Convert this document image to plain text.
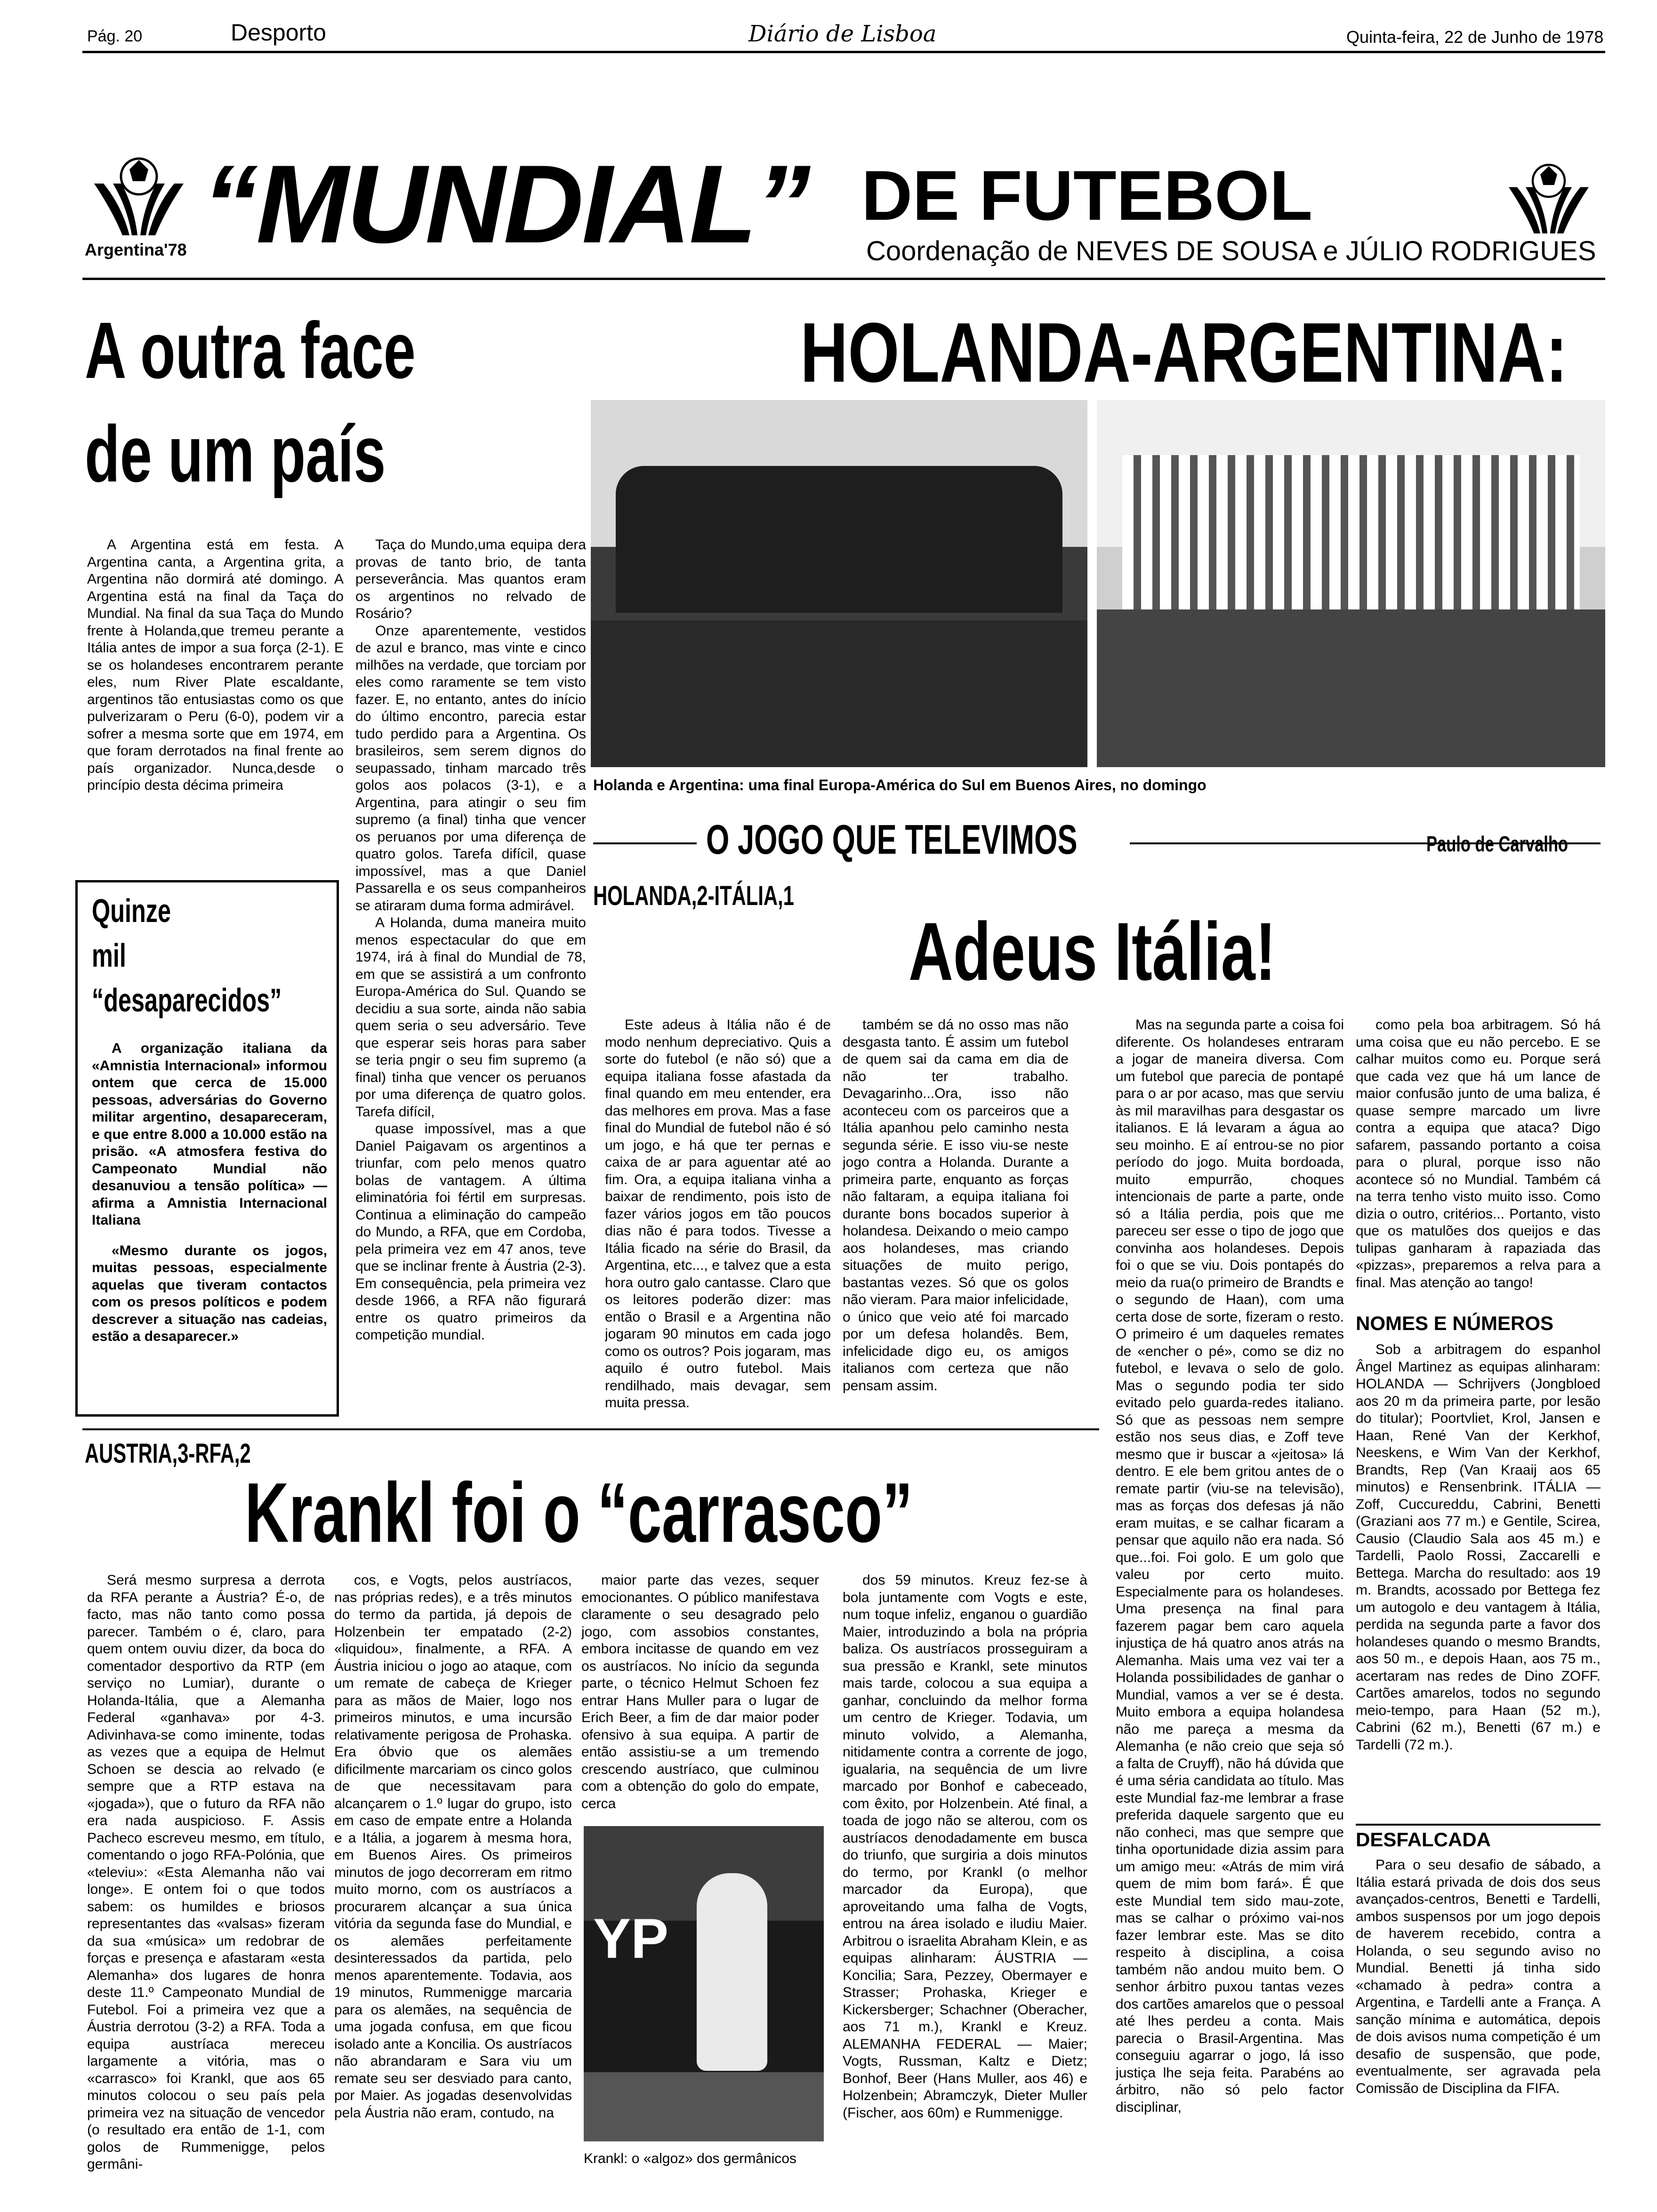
Pág. 20	Desporto	Diário de Lisboa	Quinta-feira, 22 de Junho de 1978
Argentina'78 “MUNDIAL” DE FUTEBOL
Coordenação de NEVES DE SOUSA e JÚLIO RODRIGUES
A outra face
de um país

A Argentina está em festa. A Argentina canta, a Argentina grita, a Argentina não dormirá até domingo. A Argentina está na final da Taça do Mundial. Na final da sua Taça do Mundo frente à Holanda,que tremeu perante a Itália antes de impor a sua força (2-1). E se os holandeses encontrarem perante eles, num River Plate escaldante, argentinos tão entusiastas como os que pulverizaram o Peru (6-0), podem vir a sofrer a mesma sorte que em 1974, em que foram derrotados na final frente ao país organizador. Nunca,desde o princípio desta décima primeira

Taça do Mundo,uma equipa dera provas de tanto brio, de tanta perseverância. Mas quantos eram os argentinos no relvado de Rosário?

Onze aparentemente, vestidos de azul e branco, mas vinte e cinco milhões na verdade, que torciam por eles como raramente se tem visto fazer. E, no entanto, antes do início do último encontro, parecia estar tudo perdido para a Argentina. Os brasileiros, sem serem dignos do seupassado, tinham marcado três golos aos polacos (3-1), e a Argentina, para atingir o seu fim supremo (a final) tinha que vencer os peruanos por uma diferença de quatro golos. Tarefa difícil, quase impossível, mas a que Daniel Passarella e os seus companheiros se atiraram duma forma admirável.

A Holanda, duma maneira muito menos espectacular do que em 1974, irá à final do Mundial de 78, em que se assistirá a um confronto Europa-América do Sul. Quando se decidiu a sua sorte, ainda não sabia quem seria o seu adversário. Teve que esperar seis horas para saber se teria pngir o seu fim supremo (a final) tinha que vencer os peruanos por uma diferença de quatro golos. Tarefa difícil,

quase impossível, mas a que Daniel Paigavam os argentinos a triunfar, com pelo menos quatro bolas de vantagem. A última eliminatória foi fértil em surpresas. Continua a eliminação do campeão do Mundo, a RFA, que em Cordoba, pela primeira vez em 47 anos, teve que se inclinar frente à Áustria (2-3). Em consequência, pela primeira vez desde 1966, a RFA não figurará entre os quatro primeiros da competição mundial.

Quinze
mil
“desaparecidos”

A organização italiana da «Amnistia Internacional» informou ontem que cerca de 15.000 pessoas, adversárias do Governo militar argentino, desapareceram, e que entre 8.000 a 10.000 estão na prisão. «A atmosfera festiva do Campeonato Mundial não desanuviou a tensão política» — afirma a Amnistia Internacional Italiana

«Mesmo durante os jogos, muitas pessoas, especialmente aquelas que tiveram contactos com os presos políticos e podem descrever a situação nas cadeias, estão a desaparecer.»

HOLANDA-ARGENTINA:
Holanda e Argentina: uma final Europa-América do Sul em Buenos Aires, no domingo
O JOGO QUE TELEVIMOS	Paulo de Carvalho
HOLANDA,2-ITÁLIA,1
Adeus Itália!

Este adeus à Itália não é de modo nenhum depreciativo. Quis a sorte do futebol (e não só) que a equipa italiana fosse afastada da final quando em meu entender, era das melhores em prova. Mas a fase final do Mundial de futebol não é só um jogo, e há que ter pernas e caixa de ar para aguentar até ao fim. Ora, a equipa italiana vinha a baixar de rendimento, pois isto de fazer vários jogos em tão poucos dias não é para todos. Tivesse a Itália ficado na série do Brasil, da Argentina, etc..., e talvez que a esta hora outro galo cantasse. Claro que os leitores poderão dizer: mas então o Brasil e a Argentina não jogaram 90 minutos em cada jogo como os outros? Pois jogaram, mas aquilo é outro futebol. Mais rendilhado, mais devagar, sem muita pressa.

também se dá no osso mas não desgasta tanto. É assim um futebol de quem sai da cama em dia de não ter trabalho. Devagarinho...Ora, isso não aconteceu com os parceiros que a Itália apanhou pelo caminho nesta segunda série. E isso viu-se neste jogo contra a Holanda. Durante a primeira parte, enquanto as forças não faltaram, a equipa italiana foi durante bons bocados superior à holandesa. Deixando o meio campo aos holandeses, mas criando situações de muito perigo, bastantas vezes. Só que os golos não vieram. Para maior infelicidade, o único que veio até foi marcado por um defesa holandês. Bem, infelicidade digo eu, os amigos italianos com certeza que não pensam assim.

Mas na segunda parte a coisa foi diferente. Os holandeses entraram a jogar de maneira diversa. Com um futebol que parecia de pontapé para o ar por acaso, mas que serviu às mil maravilhas para desgastar os italianos. E lá levaram a água ao seu moinho. E aí entrou-se no pior período do jogo. Muita bordoada, muito empurrão, choques intencionais de parte a parte, onde só a Itália perdia, pois que me pareceu ser esse o tipo de jogo que convinha aos holandeses. Depois foi o que se viu. Dois pontapés do meio da rua(o primeiro de Brandts e o segundo de Haan), com uma certa dose de sorte, fizeram o resto. O primeiro é um daqueles remates de «encher o pé», como se diz no futebol, e levava o selo de golo. Mas o segundo podia ter sido evitado pelo guarda-redes italiano. Só que as pessoas nem sempre estão nos seus dias, e Zoff teve mesmo que ir buscar a «jeitosa» lá dentro. E ele bem gritou antes de o remate partir (viu-se na televisão), mas as forças dos defesas já não eram muitas, e se calhar ficaram a pensar que aquilo não era nada. Só que...foi. Foi golo. E um golo que valeu por certo muito. Especialmente para os holandeses. Uma presença na final para fazerem pagar bem caro aquela injustiça de há quatro anos atrás na Alemanha. Mais uma vez vai ter a Holanda possibilidades de ganhar o Mundial, vamos a ver se é desta. Muito embora a equipa holandesa não me pareça a mesma da Alemanha (e não creio que seja só a falta de Cruyff), não há dúvida que é uma séria candidata ao título. Mas este Mundial faz-me lembrar a frase preferida daquele sargento que eu não conheci, mas que sempre que tinha oportunidade dizia assim para um amigo meu: «Atrás de mim virá quem de mim bom fará». É que este Mundial tem sido mau-zote, mas se calhar o próximo vai-nos fazer lembrar este. Mas se dito respeito à disciplina, a coisa também não andou muito bem. O senhor árbitro puxou tantas vezes dos cartões amarelos que o pessoal até lhes perdeu a conta. Mais parecia o Brasil-Argentina. Mas conseguiu agarrar o jogo, lá isso justiça lhe seja feita. Parabéns ao árbitro, não só pelo factor disciplinar,

como pela boa arbitragem. Só há uma coisa que eu não percebo. E se calhar muitos como eu. Porque será que cada vez que há um lance de maior confusão junto de uma baliza, é quase sempre marcado um livre contra a equipa que ataca? Digo safarem, passando portanto a coisa para o plural, porque isso não acontece só no Mundial. Também cá na terra tenho visto muito isso. Como dizia o outro, critérios... Portanto, visto que os matulões dos queijos e das tulipas ganharam à rapaziada das «pizzas», preparemos a relva para a final. Mas atenção ao tango!

NOMES E NÚMEROS

Sob a arbitragem do espanhol Ângel Martinez as equipas alinharam: HOLANDA — Schrijvers (Jongbloed aos 20 m da primeira parte, por lesão do titular); Poortvliet, Krol, Jansen e Haan, René Van der Kerkhof, Neeskens, e Wim Van der Kerkhof, Brandts, Rep (Van Kraaij aos 65 minutos) e Rensenbrink. ITÁLIA — Zoff, Cuccureddu, Cabrini, Benetti (Graziani aos 77 m.) e Gentile, Scirea, Causio (Claudio Sala aos 45 m.) e Tardelli, Paolo Rossi, Zaccarelli e Bettega. Marcha do resultado: aos 19 m. Brandts, acossado por Bettega fez um autogolo e deu vantagem à Itália, perdida na segunda parte a favor dos holandeses quando o mesmo Brandts, aos 50 m., e depois Haan, aos 75 m., acertaram nas redes de Dino ZOFF. Cartões amarelos, todos no segundo meio-tempo, para Haan (52 m.), Cabrini (62 m.), Benetti (67 m.) e Tardelli (72 m.).

DESFALCADA

Para o seu desafio de sábado, a Itália estará privada de dois dos seus avançados-centros, Benetti e Tardelli, ambos suspensos por um jogo depois de haverem recebido, contra a Holanda, o seu segundo aviso no Mundial. Benetti já tinha sido «chamado à pedra» contra a Argentina, e Tardelli ante a França. A sanção mínima e automática, depois de dois avisos numa competição é um desafio de suspensão, que pode, eventualmente, ser agravada pela Comissão de Disciplina da FIFA.

AUSTRIA,3-RFA,2
Krankl foi o “carrasco”

Será mesmo surpresa a derrota da RFA perante a Áustria? É-o, de facto, mas não tanto como possa parecer. Também o é, claro, para quem ontem ouviu dizer, da boca do comentador desportivo da RTP (em serviço no Lumiar), durante o Holanda-Itália, que a Alemanha Federal «ganhava» por 4-3. Adivinhava-se como iminente, todas as vezes que a equipa de Helmut Schoen se descia ao relvado (e sempre que a RTP estava na «jogada»), que o futuro da RFA não era nada auspicioso. F. Assis Pacheco escreveu mesmo, em título, comentando o jogo RFA-Polónia, que «televiu»: «Esta Alemanha não vai longe». E ontem foi o que todos sabem: os humildes e briosos representantes das «valsas» fizeram da sua «música» um redobrar de forças e presença e afastaram «esta Alemanha» dos lugares de honra deste 11.º Campeonato Mundial de Futebol. Foi a primeira vez que a Áustria derrotou (3-2) a RFA. Toda a equipa austríaca mereceu largamente a vitória, mas o «carrasco» foi Krankl, que aos 65 minutos colocou o seu país pela primeira vez na situação de vencedor (o resultado era então de 1-1, com golos de Rummenigge, pelos germâni-

cos, e Vogts, pelos austríacos, nas próprias redes), e a três minutos do termo da partida, já depois de Holzenbein ter empatado (2-2) «liquidou», finalmente, a RFA. A Áustria iniciou o jogo ao ataque, com um remate de cabeça de Krieger para as mãos de Maier, logo nos primeiros minutos, e uma incursão relativamente perigosa de Prohaska. Era óbvio que os alemães dificilmente marcariam os cinco golos de que necessitavam para alcançarem o 1.º lugar do grupo, isto em caso de empate entre a Holanda e a Itália, a jogarem à mesma hora, em Buenos Aires. Os primeiros minutos de jogo decorreram em ritmo muito morno, com os austríacos a procurarem alcançar a sua única vitória da segunda fase do Mundial, e os alemães perfeitamente desinteressados da partida, pelo menos aparentemente. Todavia, aos 19 minutos, Rummenigge marcaria para os alemães, na sequência de uma jogada confusa, em que ficou isolado ante a Koncilia. Os austríacos não abrandaram e Sara viu um remate seu ser desviado para canto, por Maier. As jogadas desenvolvidas pela Áustria não eram, contudo, na

maior parte das vezes, sequer emocionantes. O público manifestava claramente o seu desagrado pelo jogo, com assobios constantes, embora incitasse de quando em vez os austríacos. No início da segunda parte, o técnico Helmut Schoen fez entrar Hans Muller para o lugar de Erich Beer, a fim de dar maior poder ofensivo à sua equipa. A partir de então assistiu-se a um tremendo crescendo austríaco, que culminou com a obtenção do golo do empate, cerca

dos 59 minutos. Kreuz fez-se à bola juntamente com Vogts e este, num toque infeliz, enganou o guardião Maier, introduzindo a bola na própria baliza. Os austríacos prosseguiram a sua pressão e Krankl, sete minutos mais tarde, colocou a sua equipa a ganhar, concluindo da melhor forma um centro de Krieger. Todavia, um minuto volvido, a Alemanha, nitidamente contra a corrente de jogo, igualaria, na sequência de um livre marcado por Bonhof e cabeceado, com êxito, por Holzenbein. Até final, a toada de jogo não se alterou, com os austríacos denodadamente em busca do triunfo, que surgiria a dois minutos do termo, por Krankl (o melhor marcador da Europa), que aproveitando uma falha de Vogts, entrou na área isolado e iludiu Maier. Arbitrou o israelita Abraham Klein, e as equipas alinharam: ÁUSTRIA — Koncilia; Sara, Pezzey, Obermayer e Strasser; Prohaska, Krieger e Kickersberger; Schachner (Oberacher, aos 71 m.), Krankl e Kreuz. ALEMANHA FEDERAL — Maier; Vogts, Russman, Kaltz e Dietz; Bonhof, Beer (Hans Muller, aos 46) e Holzenbein; Abramczyk, Dieter Muller (Fischer, aos 60m) e Rummenigge.

YP
Krankl: o «algoz» dos germânicos
